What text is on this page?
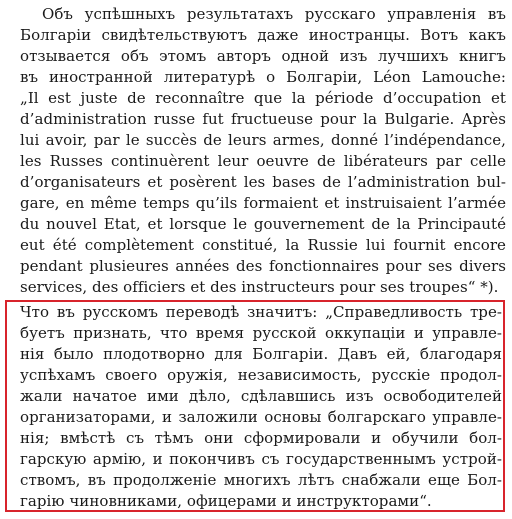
Объ успѣшныхъ результатахъ русскаго управленія въ
Болгаріи свидѣтельствуютъ даже иностранцы. Вотъ какъ
отзывается объ этомъ авторъ одной изъ лучшихъ книгъ
въ иностранной литературѣ о Болгаріи, Léon Lamouche:
„Il est juste de reconnaître que la période d’occupation et
d’administration russe fut fructueuse pour la Bulgarie. Après
lui avoir, par le succès de leurs armes, donné l’indépendance,
les Russes continuèrent leur oeuvre de libérateurs par celle
d’organisateurs et posèrent les bases de l’administration bul-
gare, en même temps qu’ils formaient et instruisaient l’armée
du nouvel Etat, et lorsque le gouvernement de la Principauté
eut été complètement constitué, la Russie lui fournit encore
pendant plusieures années des fonctionnaires pour ses divers
services, des officiers et des instructeurs pour ses troupes“ *).
Что въ русскомъ переводѣ значитъ: „Справедливость тре-
буетъ признать, что время русской оккупаціи и управле-
нія было плодотворно для Болгаріи. Давъ ей, благодаря
успѣхамъ своего оружія, независимость, русскіе продол-
жали начатое ими дѣло, сдѣлавшись изъ освободителей
организаторами, и заложили основы болгарскаго управле-
нія; вмѣстѣ съ тѣмъ они сформировали и обучили бол-
гарскую армію, и покончивъ съ государственнымъ устрой-
ствомъ, въ продолженіе многихъ лѣтъ снабжали еще Бол-
гарію чиновниками, офицерами и инструкторами“.
